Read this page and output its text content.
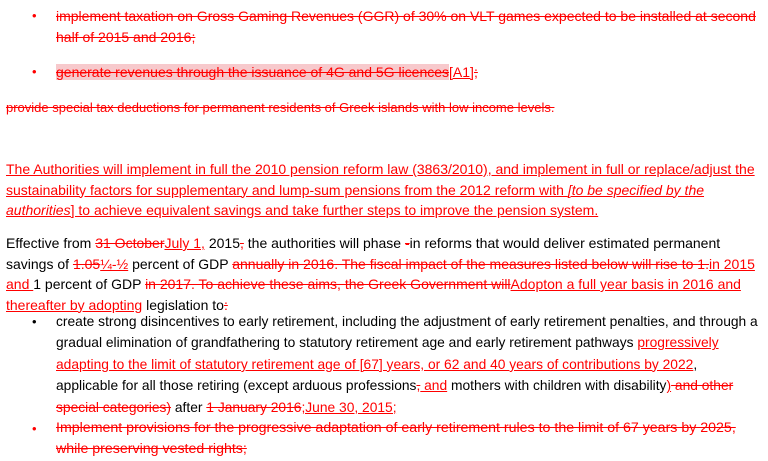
• implement taxation on Gross Gaming Revenues (GGR) of 30% on VLT games expected to be installed at second half of 2015 and 2016;
• generate revenues through the issuance of 4G and 5G licences[A1];
provide special tax deductions for permanent residents of Greek islands with low income levels.
The Authorities will implement in full the 2010 pension reform law (3863/2010), and implement in full or replace/adjust the sustainability factors for supplementary and lump-sum pensions from the 2012 reform with [to be specified by the authorities] to achieve equivalent savings and take further steps to improve the pension system.
Effective from 31 OctoberJuly 1, 2015, the authorities will phase -in reforms that would deliver estimated permanent savings of 1.05¼-½ percent of GDP annually in 2016. The fiscal impact of the measures listed below will rise to 1.in 2015 and 1 percent of GDP in 2017. To achieve these aims, the Greek Government willAdopton a full year basis in 2016 and thereafter by adopting legislation to:
• create strong disincentives to early retirement, including the adjustment of early retirement penalties, and through a gradual elimination of grandfathering to statutory retirement age and early retirement pathways progressively adapting to the limit of statutory retirement age of [67] years, or 62 and 40 years of contributions by 2022, applicable for all those retiring (except arduous professions, and mothers with children with disability) and other special categories) after 1 January 2016;June 30, 2015;
• Implement provisions for the progressive adaptation of early retirement rules to the limit of 67 years by 2025, while preserving vested rights;
